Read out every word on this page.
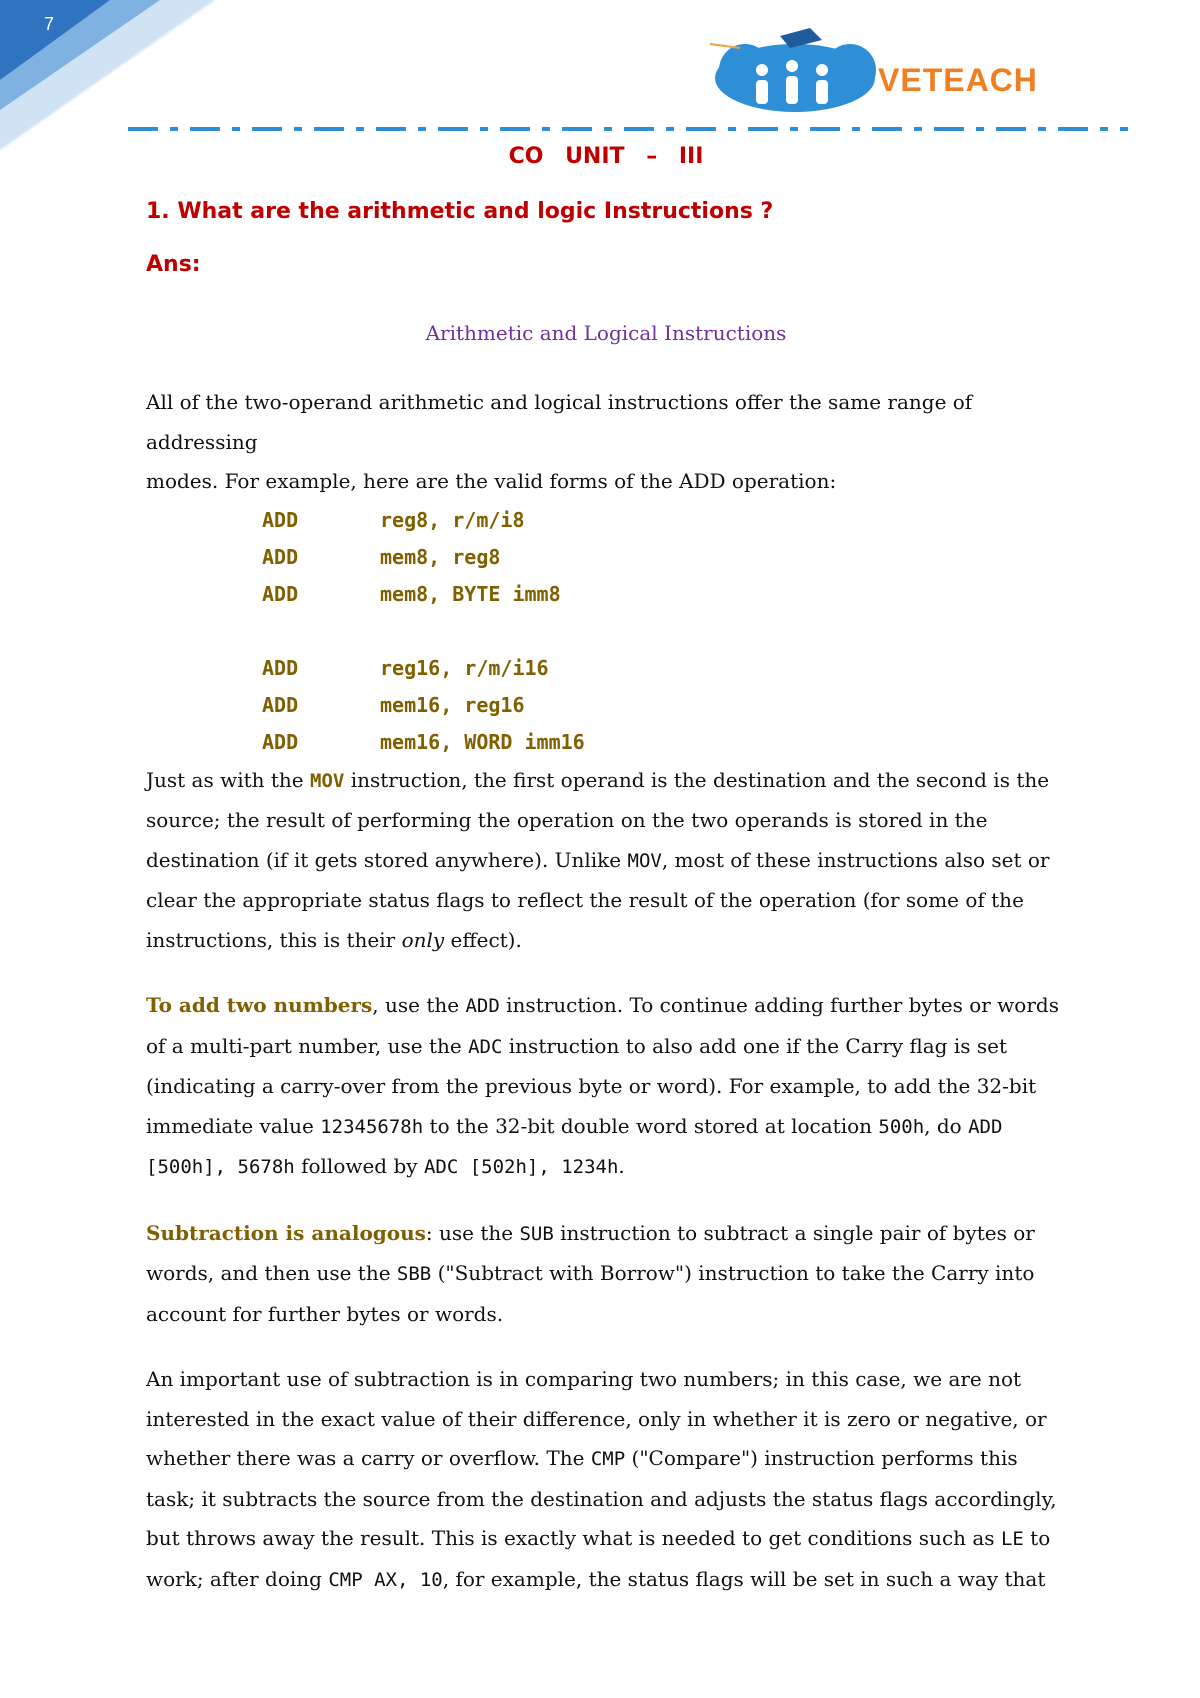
7
VETEACH
CO UNIT – III
1. What are the arithmetic and logic Instructions ?
Ans:
Arithmetic and Logical Instructions

All of the two-operand arithmetic and logical instructions offer the same range of addressing
modes. For example, here are the valid forms of the ADD operation:

ADD	reg8, r/m/i8
ADD	mem8, reg8
ADD	mem8, BYTE imm8
ADD	reg16, r/m/i16
ADD	mem16, reg16
ADD	mem16, WORD imm16

Just as with the MOV instruction, the first operand is the destination and the second is the source; the result of performing the operation on the two operands is stored in the destination (if it gets stored anywhere). Unlike MOV, most of these instructions also set or clear the appropriate status flags to reflect the result of the operation (for some of the instructions, this is their only effect).

To add two numbers, use the ADD instruction. To continue adding further bytes or words of a multi-part number, use the ADC instruction to also add one if the Carry flag is set (indicating a carry-over from the previous byte or word). For example, to add the 32-bit immediate value 12345678h to the 32-bit double word stored at location 500h, do ADD [500h], 5678h followed by ADC [502h], 1234h.

Subtraction is analogous: use the SUB instruction to subtract a single pair of bytes or words, and then use the SBB ("Subtract with Borrow") instruction to take the Carry into account for further bytes or words.

An important use of subtraction is in comparing two numbers; in this case, we are not interested in the exact value of their difference, only in whether it is zero or negative, or whether there was a carry or overflow. The CMP ("Compare") instruction performs this task; it subtracts the source from the destination and adjusts the status flags accordingly, but throws away the result. This is exactly what is needed to get conditions such as LE to work; after doing CMP AX, 10, for example, the status flags will be set in such a way that
